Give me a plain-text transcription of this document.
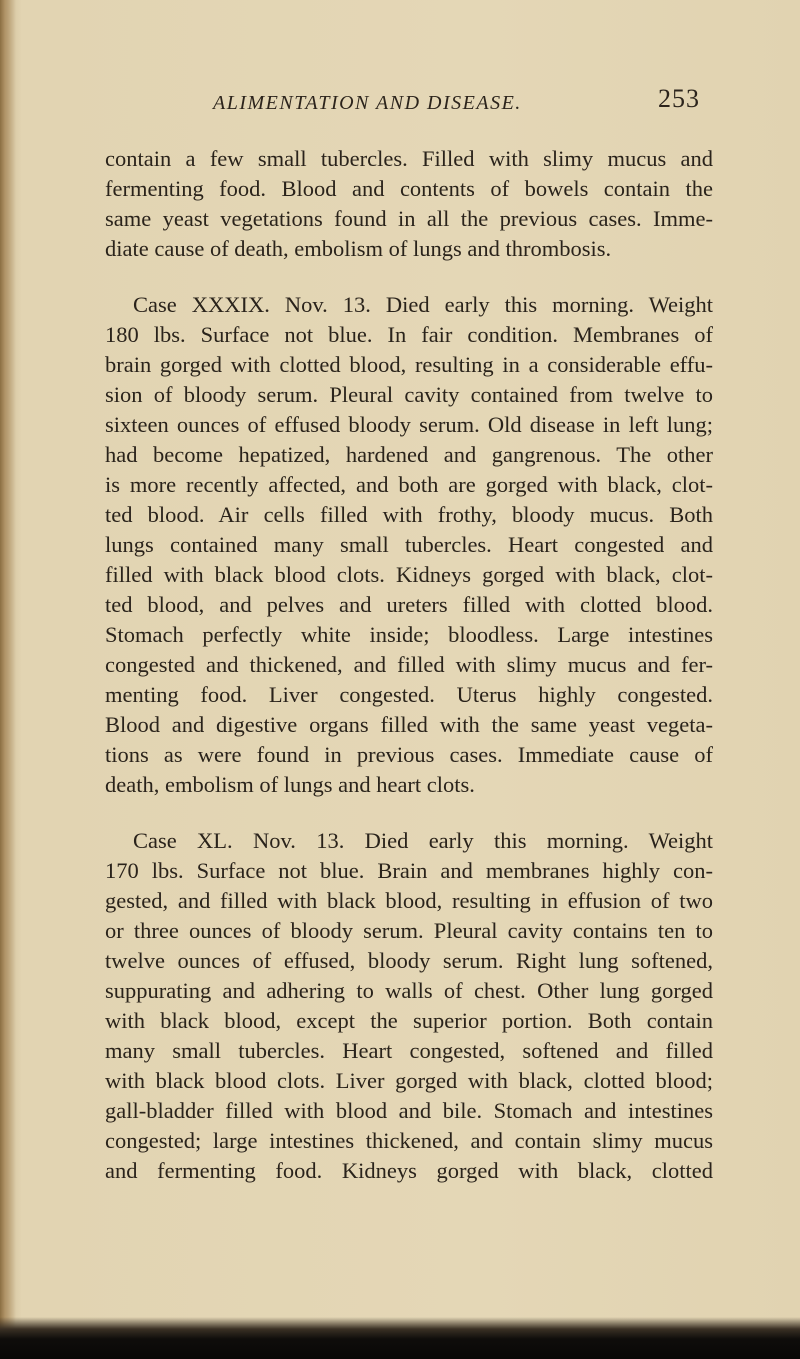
ALIMENTATION AND DISEASE.	253
contain a few small tubercles. Filled with slimy mucus and
fermenting food. Blood and contents of bowels contain the
same yeast vegetations found in all the previous cases. Imme-
diate cause of death, embolism of lungs and thrombosis.
Case XXXIX. Nov. 13. Died early this morning. Weight
180 lbs. Surface not blue. In fair condition. Membranes of
brain gorged with clotted blood, resulting in a considerable effu-
sion of bloody serum. Pleural cavity contained from twelve to
sixteen ounces of effused bloody serum. Old disease in left lung;
had become hepatized, hardened and gangrenous. The other
is more recently affected, and both are gorged with black, clot-
ted blood. Air cells filled with frothy, bloody mucus. Both
lungs contained many small tubercles. Heart congested and
filled with black blood clots. Kidneys gorged with black, clot-
ted blood, and pelves and ureters filled with clotted blood.
Stomach perfectly white inside; bloodless. Large intestines
congested and thickened, and filled with slimy mucus and fer-
menting food. Liver congested. Uterus highly congested.
Blood and digestive organs filled with the same yeast vegeta-
tions as were found in previous cases. Immediate cause of
death, embolism of lungs and heart clots.
Case XL. Nov. 13. Died early this morning. Weight
170 lbs. Surface not blue. Brain and membranes highly con-
gested, and filled with black blood, resulting in effusion of two
or three ounces of bloody serum. Pleural cavity contains ten to
twelve ounces of effused, bloody serum. Right lung softened,
suppurating and adhering to walls of chest. Other lung gorged
with black blood, except the superior portion. Both contain
many small tubercles. Heart congested, softened and filled
with black blood clots. Liver gorged with black, clotted blood;
gall-bladder filled with blood and bile. Stomach and intestines
congested; large intestines thickened, and contain slimy mucus
and fermenting food. Kidneys gorged with black, clotted
